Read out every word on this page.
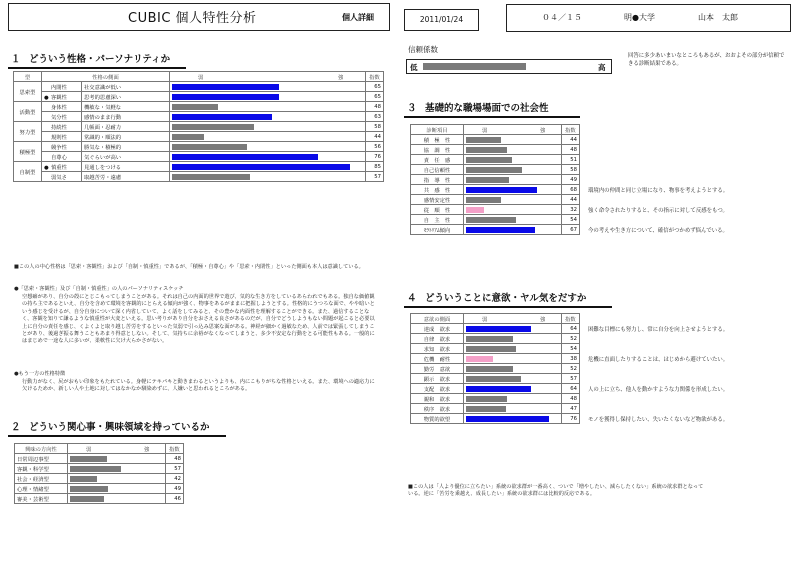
CUBIC 個人特性分析	個人詳細	2011/01/24	０４／１５	明●大学	山本　太郎
信頼係数
低	高
回答に多少あいまいなところもあるが、おおよその部分が信頼できる診断結果である。
１ どういう性格・パーソナリティか
型	性格の側面		弱 強	指数
思索型	内閉性	社交意識が低い		65
	● 客観性	思考的思慮深い		65
活動型	身体性	機敏な・気軽な		48
	気分性	感情のまま行動		63
努力型	持続性	几帳面・忍耐力		58
	規則性	常識的・順法的		44
積極型	競争性	勝気な・積極的		56
	自尊心	気ぐらいが高い		76
自制型	● 慎重性	見通しをつける		85
	弱気さ	取越苦労・遠慮		57
■この人の中心性格は「思索・客観性」および「自制・慎重性」であるが、「積極・自尊心」や「思索・内閉性」といった側面も本人は意識している。
●「思索・客観性」及び「自制・慎重性」の人のパーソナリティスケッチ
空想癖があり、自分の殻にとじこもってしまうことがある。それは自己の内面的世界で遊び、気的な生き方をしているあらわれでもある。独自な価値観の持ち主であるといえ、自分を含めて環境を客観的にとらえる傾向が強く、物事をあるがままに把握しようとする。性格的にうつろな面で、やや暗いという感じを受けるが、自分自身について深く内省していて、よく話をしてみると、その豊かな内面性を理解することができる。また、過信することなく、客観を知りて謙るような慎重性が大変といえる。思い考りがあり自分をおさえる良さがあるのだが、自分でどうしようもない問題が起こると必要以上に自分の責任を感じ、くよくよと取り越し苦労をするといった気弱で引っ込み思案な面がある。神経が細かく過敏なため、人前では緊張してしまうことがあり、後過ぎ振る舞うこともあまり得意としない。そして、気持ちに余裕がなくなってしまうと、多少不安定な行動をとる可能性もある。一般的にはまじめで一途な人に多いが、柔軟性に欠け大らかさがない。
●もう一方の性格特徴
行動力がなく、尻がおもい印象をもたれている。身軽にテキパキと動きまわるというよりも、内にこもりがちな性格といえる。また、環境への適応力に欠けるためか、新しい人や土地に対してはなかなか馴染めずに、人嫌いと思われるところがある。
２ どういう関心事・興味領域を持っているか
興味の方向性	弱 強	指数
日常周辺事型		48
客観・科学型		57
社会・経済型		42
心理・情緒型		49
審美・芸術型		46
３ 基礎的な職場場面での社会性
診断項目	弱 強	指数
積　極　性		44
協　調　性		48
責　任　感		51
自己信頼性		58
指　導　性		49
共　感　性		68
感情安定性		44
従　順　性		32
自　主　性		54
ﾓﾗﾄﾘｱﾑ傾向		67
４ どういうことに意欲・ヤル気をだすか
意欲の側面	弱 強	指数
達成　欲求		64
自律　欲求		52
求知　欲求		54
危機　耐性		38
勤労　意欲		52
顕示　欲求		57
支配　欲求		64
親和　欲求		48
秩序　欲求		47
物質的欲望		76
■この人は「人より優位に立ちたい」系統の欲求群が一番高く、ついで「増やしたい、減らしたくない」系統の欲求群となっている。逆に「苦労を乗越え、成長したい」系統の欲求群には比較的反応である。
環境内の仲間と同じ立場になり、物事を考えようとする。
強く命令されたりすると、その指示に対して反感をもつ。
今の考えや生き方について、確信がつかめず悩んでいる。
困難な目標にも努力し、常に自分を向上させようとする。
危機に直面したりすることは、はじめから避けていたい。
人の上に立ち、他人を動かすような力関係を形成したい。
モノを獲得し保持したい、失いたくないなど物欲がある。
